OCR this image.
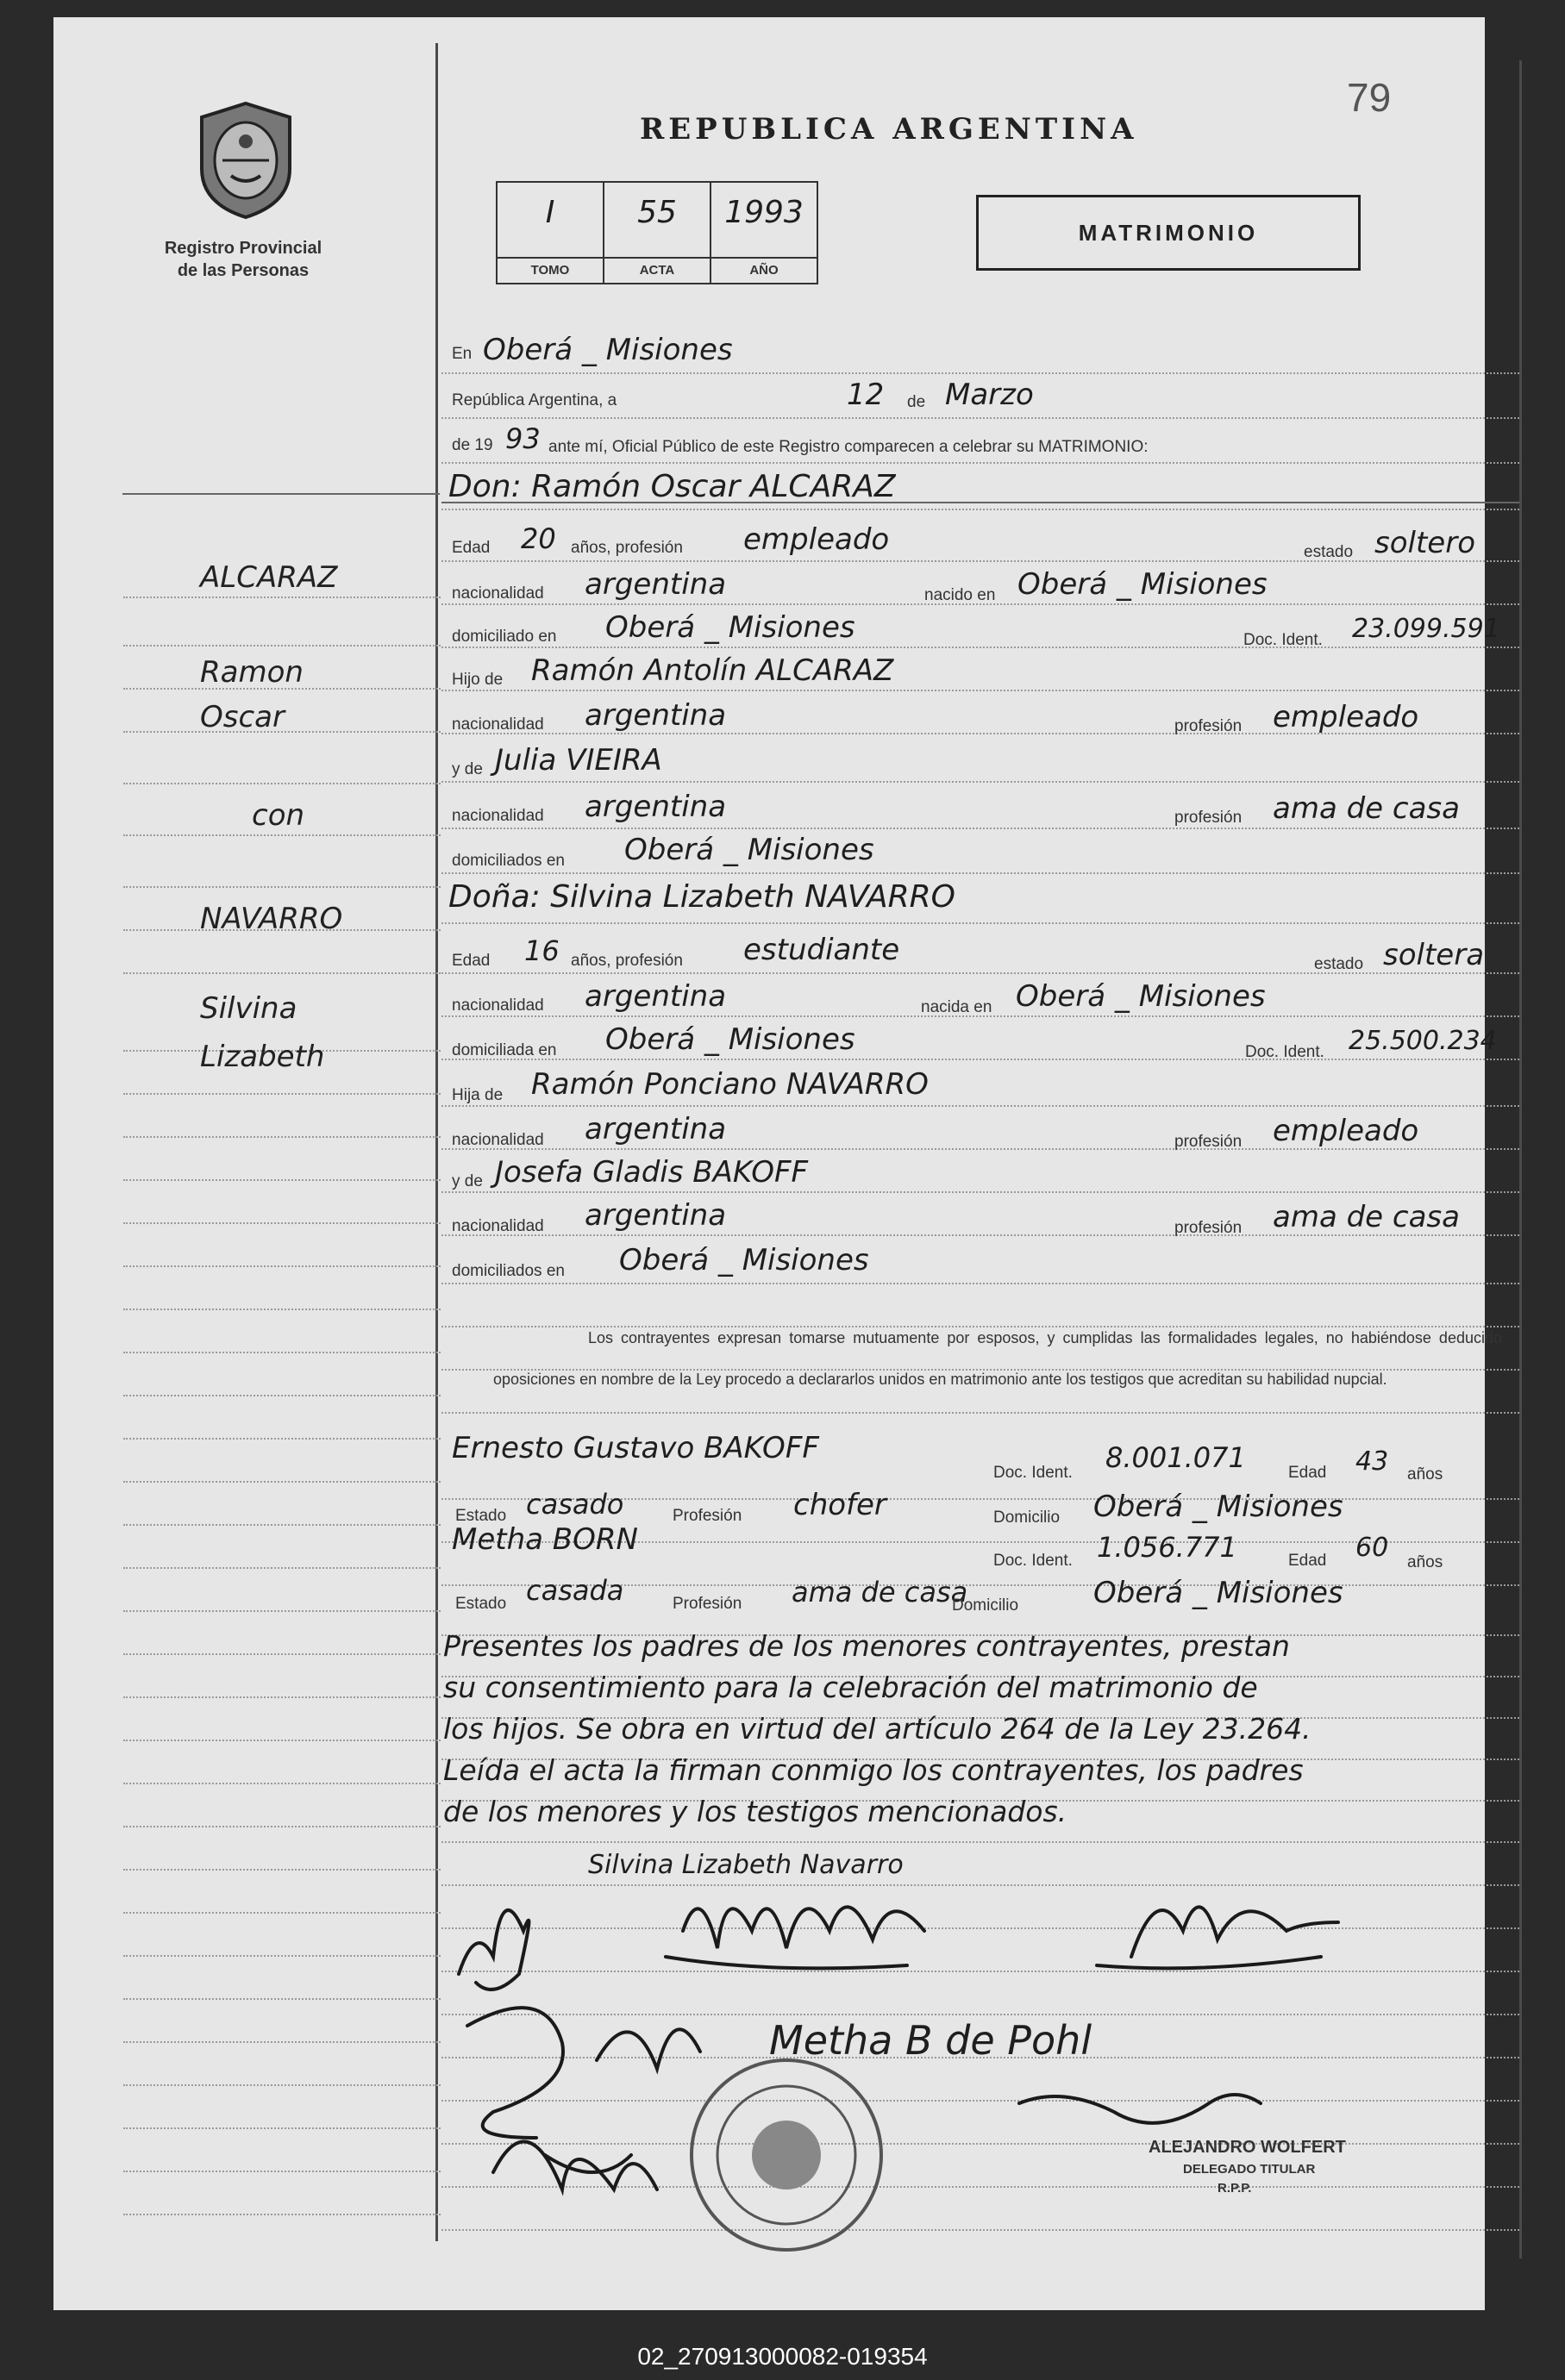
79
Registro Provincial
de las Personas
REPUBLICA ARGENTINA
I
TOMO
55
ACTA
1993
AÑO
MATRIMONIO
ALCARAZ
Ramon
Oscar
con
NAVARRO
Silvina
Lizabeth
En Oberá _ Misiones
República Argentina, a	12 de Marzo
de 19 93 ante mí, Oficial Público de este Registro comparecen a celebrar su MATRIMONIO:
Don: Ramón Oscar ALCARAZ
Edad 20 años, profesión empleado	estado soltero
nacionalidad argentina	nacido en Oberá _ Misiones
domiciliado en Oberá _ Misiones	Doc. Ident. 23.099.591
Hijo de Ramón Antolín ALCARAZ
nacionalidad argentina	profesión empleado
y de Julia VIEIRA
nacionalidad argentina	profesión ama de casa
domiciliados en Oberá _ Misiones
Doña: Silvina Lizabeth NAVARRO
Edad 16 años, profesión estudiante	estado soltera
nacionalidad argentina	nacida en Oberá _ Misiones
domiciliada en Oberá _ Misiones	Doc. Ident. 25.500.234
Hija de Ramón Ponciano NAVARRO
nacionalidad argentina	profesión empleado
y de Josefa Gladis BAKOFF
nacionalidad argentina	profesión ama de casa
domiciliados en Oberá _ Misiones
Los contrayentes expresan tomarse mutuamente por esposos, y cumplidas las formalidades legales, no habiéndose deducido oposiciones en nombre de la Ley procedo a declararlos unidos en matrimonio ante los testigos que acreditan su habilidad nupcial.
Ernesto Gustavo BAKOFF
Doc. Ident. 8.001.071	Edad 43 años
Estado casado	Profesión chofer	Domicilio Oberá _ Misiones
Metha BORN
Doc. Ident. 1.056.771	Edad 60 años
Estado casada	Profesión ama de casa
Domicilio	Oberá _ Misiones
Presentes los padres de los menores contrayentes, prestan
su consentimiento para la celebración del matrimonio de
los hijos. Se obra en virtud del artículo 264 de la Ley 23.264.
Leída el acta la firman conmigo los contrayentes, los padres
de los menores y los testigos mencionados.
Silvina Lizabeth Navarro
Metha B de Pohl
ALEJANDRO WOLFERT
DELEGADO TITULAR
R.P.P.
02_270913000082-019354
